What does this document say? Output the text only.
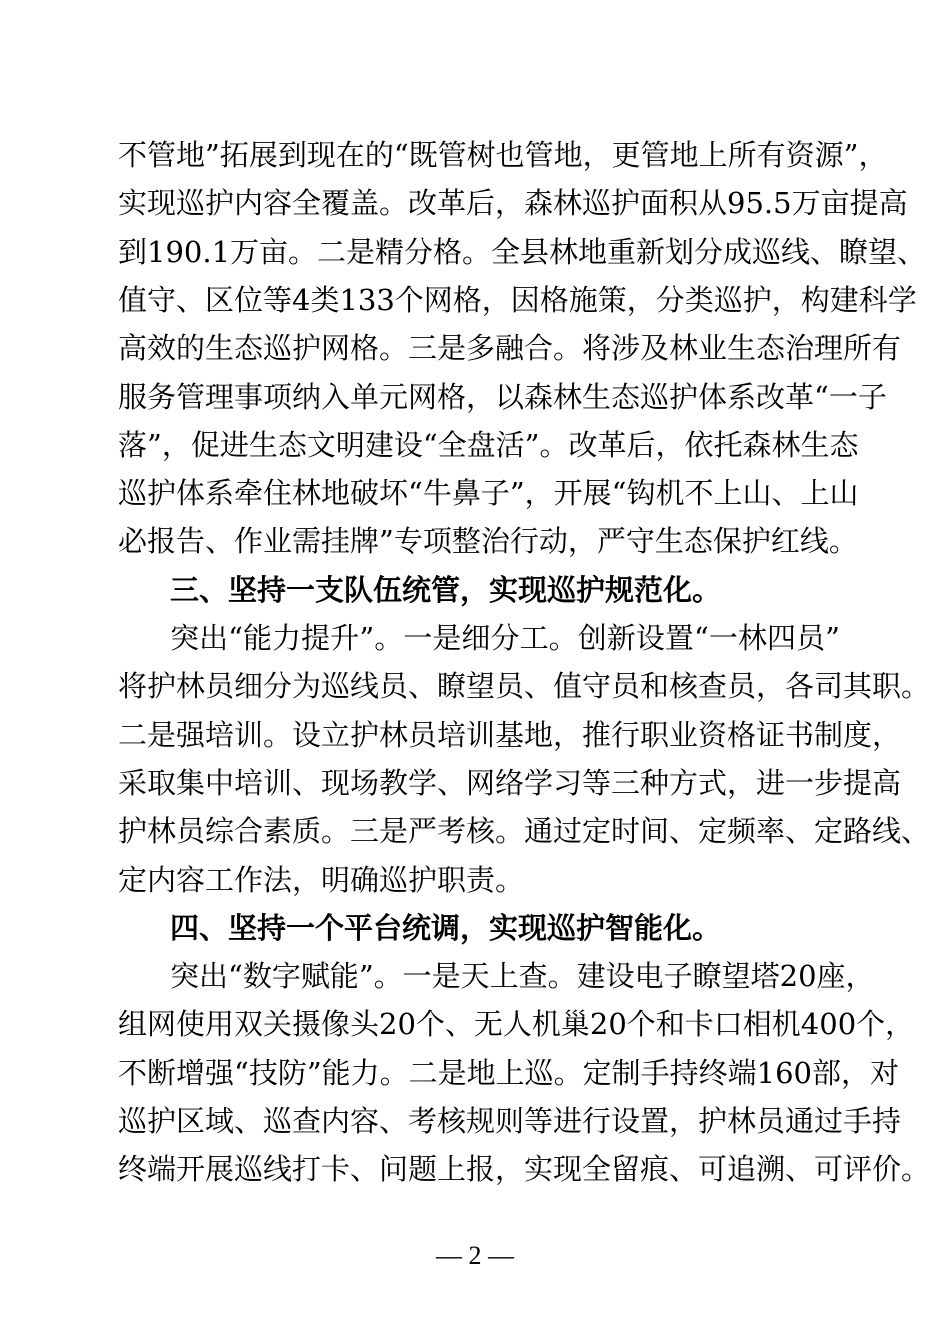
不管地”拓展到现在的“既管树也管地，更管地上所有资源”，
实现巡护内容全覆盖。改革后，森林巡护面积从95.5万亩提高
到190.1万亩。二是精分格。全县林地重新划分成巡线、瞭望、
值守、区位等4类133个网格，因格施策，分类巡护，构建科学
高效的生态巡护网格。三是多融合。将涉及林业生态治理所有
服务管理事项纳入单元网格，以森林生态巡护体系改革“一子
落”，促进生态文明建设“全盘活”。改革后，依托森林生态
巡护体系牵住林地破坏“牛鼻子”，开展“钩机不上山、上山
必报告、作业需挂牌”专项整治行动，严守生态保护红线。
三、坚持一支队伍统管，实现巡护规范化。
突出“能力提升”。一是细分工。创新设置“一林四员”
将护林员细分为巡线员、瞭望员、值守员和核查员，各司其职。
二是强培训。设立护林员培训基地，推行职业资格证书制度，
采取集中培训、现场教学、网络学习等三种方式，进一步提高
护林员综合素质。三是严考核。通过定时间、定频率、定路线、
定内容工作法，明确巡护职责。
四、坚持一个平台统调，实现巡护智能化。
突出“数字赋能”。一是天上查。建设电子瞭望塔20座，
组网使用双关摄像头20个、无人机巢20个和卡口相机400个，
不断增强“技防”能力。二是地上巡。定制手持终端160部，对
巡护区域、巡查内容、考核规则等进行设置，护林员通过手持
终端开展巡线打卡、问题上报，实现全留痕、可追溯、可评价。
— 2 —
